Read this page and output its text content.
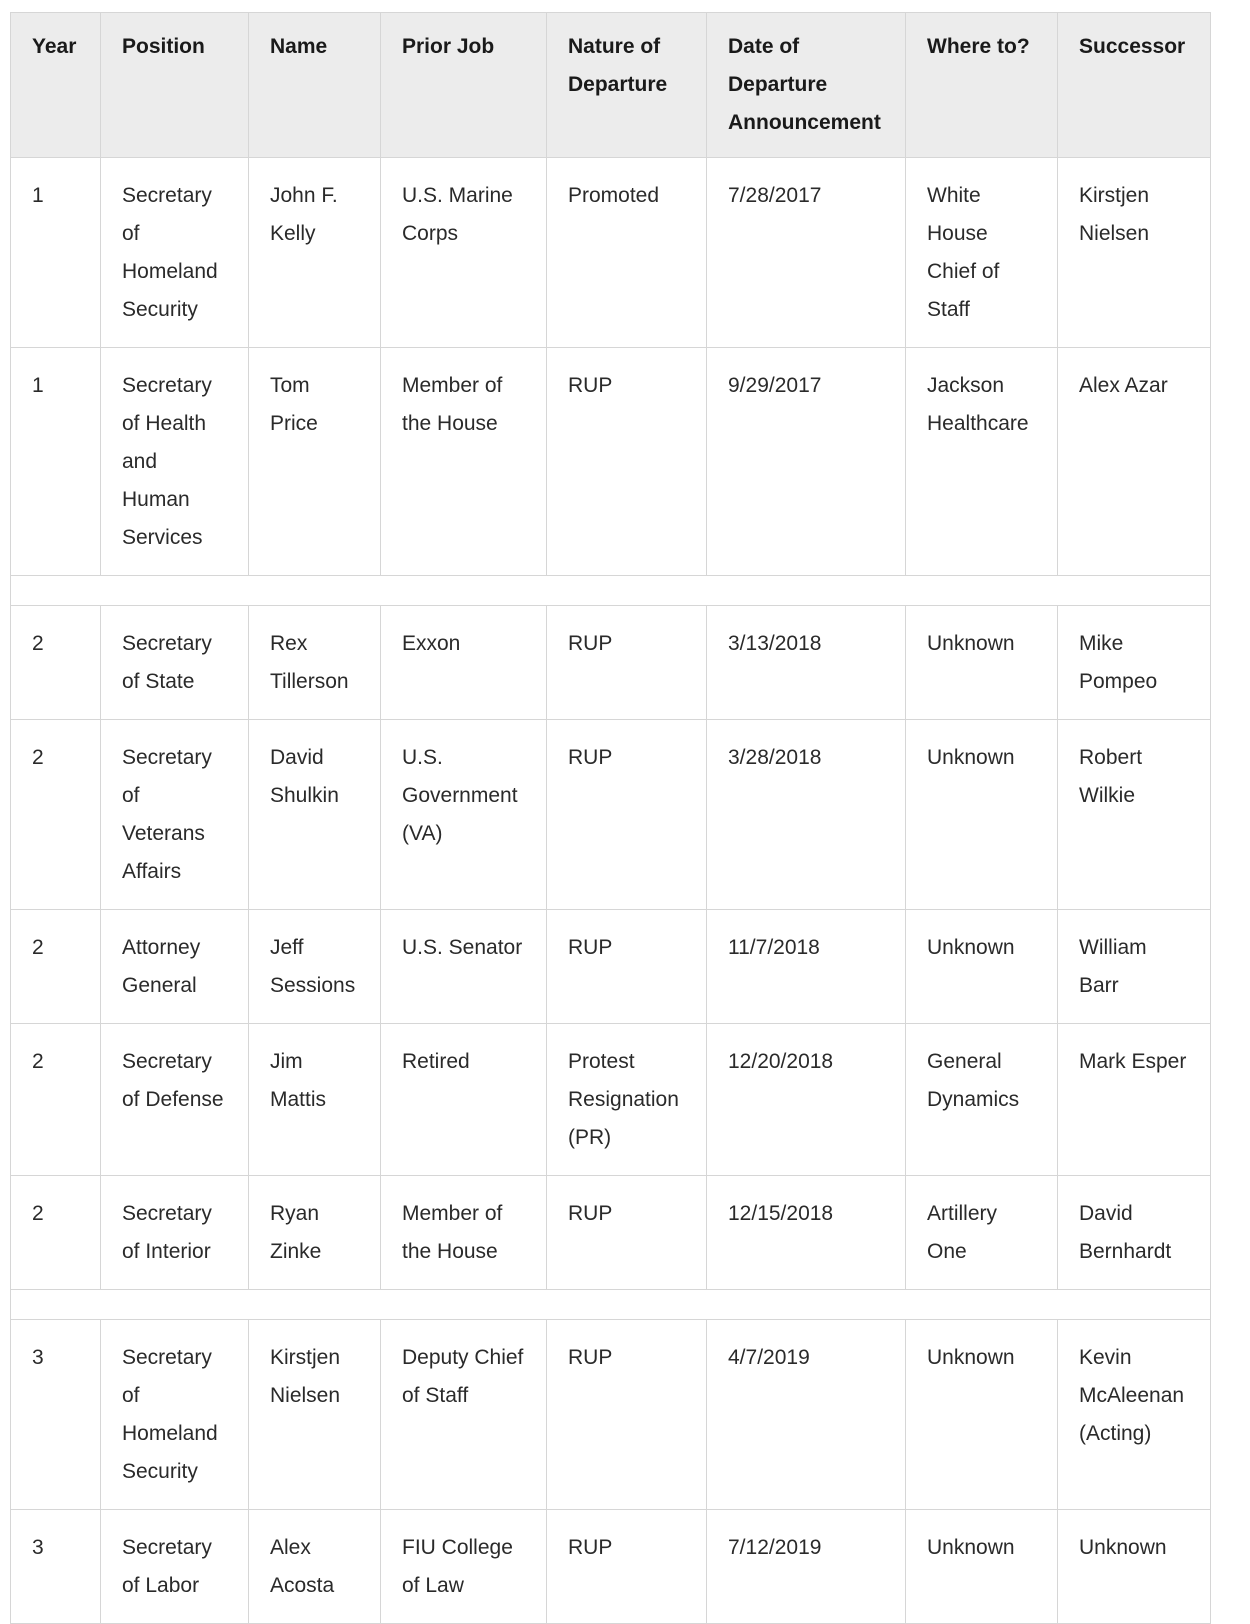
Year	Position	Name	Prior Job	Nature of Departure	Date of Departure Announcement	Where to?	Successor
1	Secretary of Homeland Security	John F. Kelly	U.S. Marine Corps	Promoted	7/28/2017	White House Chief of Staff	Kirstjen Nielsen
1	Secretary of Health and Human Services	Tom Price	Member of the House	RUP	9/29/2017	Jackson Healthcare	Alex Azar

2	Secretary of State	Rex Tillerson	Exxon	RUP	3/13/2018	Unknown	Mike Pompeo
2	Secretary of Veterans Affairs	David Shulkin	U.S. Government (VA)	RUP	3/28/2018	Unknown	Robert Wilkie
2	Attorney General	Jeff Sessions	U.S. Senator	RUP	11/7/2018	Unknown	William Barr
2	Secretary of Defense	Jim Mattis	Retired	Protest Resignation (PR)	12/20/2018	General Dynamics	Mark Esper
2	Secretary of Interior	Ryan Zinke	Member of the House	RUP	12/15/2018	Artillery One	David Bernhardt

3	Secretary of Homeland Security	Kirstjen Nielsen	Deputy Chief of Staff	RUP	4/7/2019	Unknown	Kevin McAleenan (Acting)
3	Secretary of Labor	Alex Acosta	FIU College of Law	RUP	7/12/2019	Unknown	Unknown
